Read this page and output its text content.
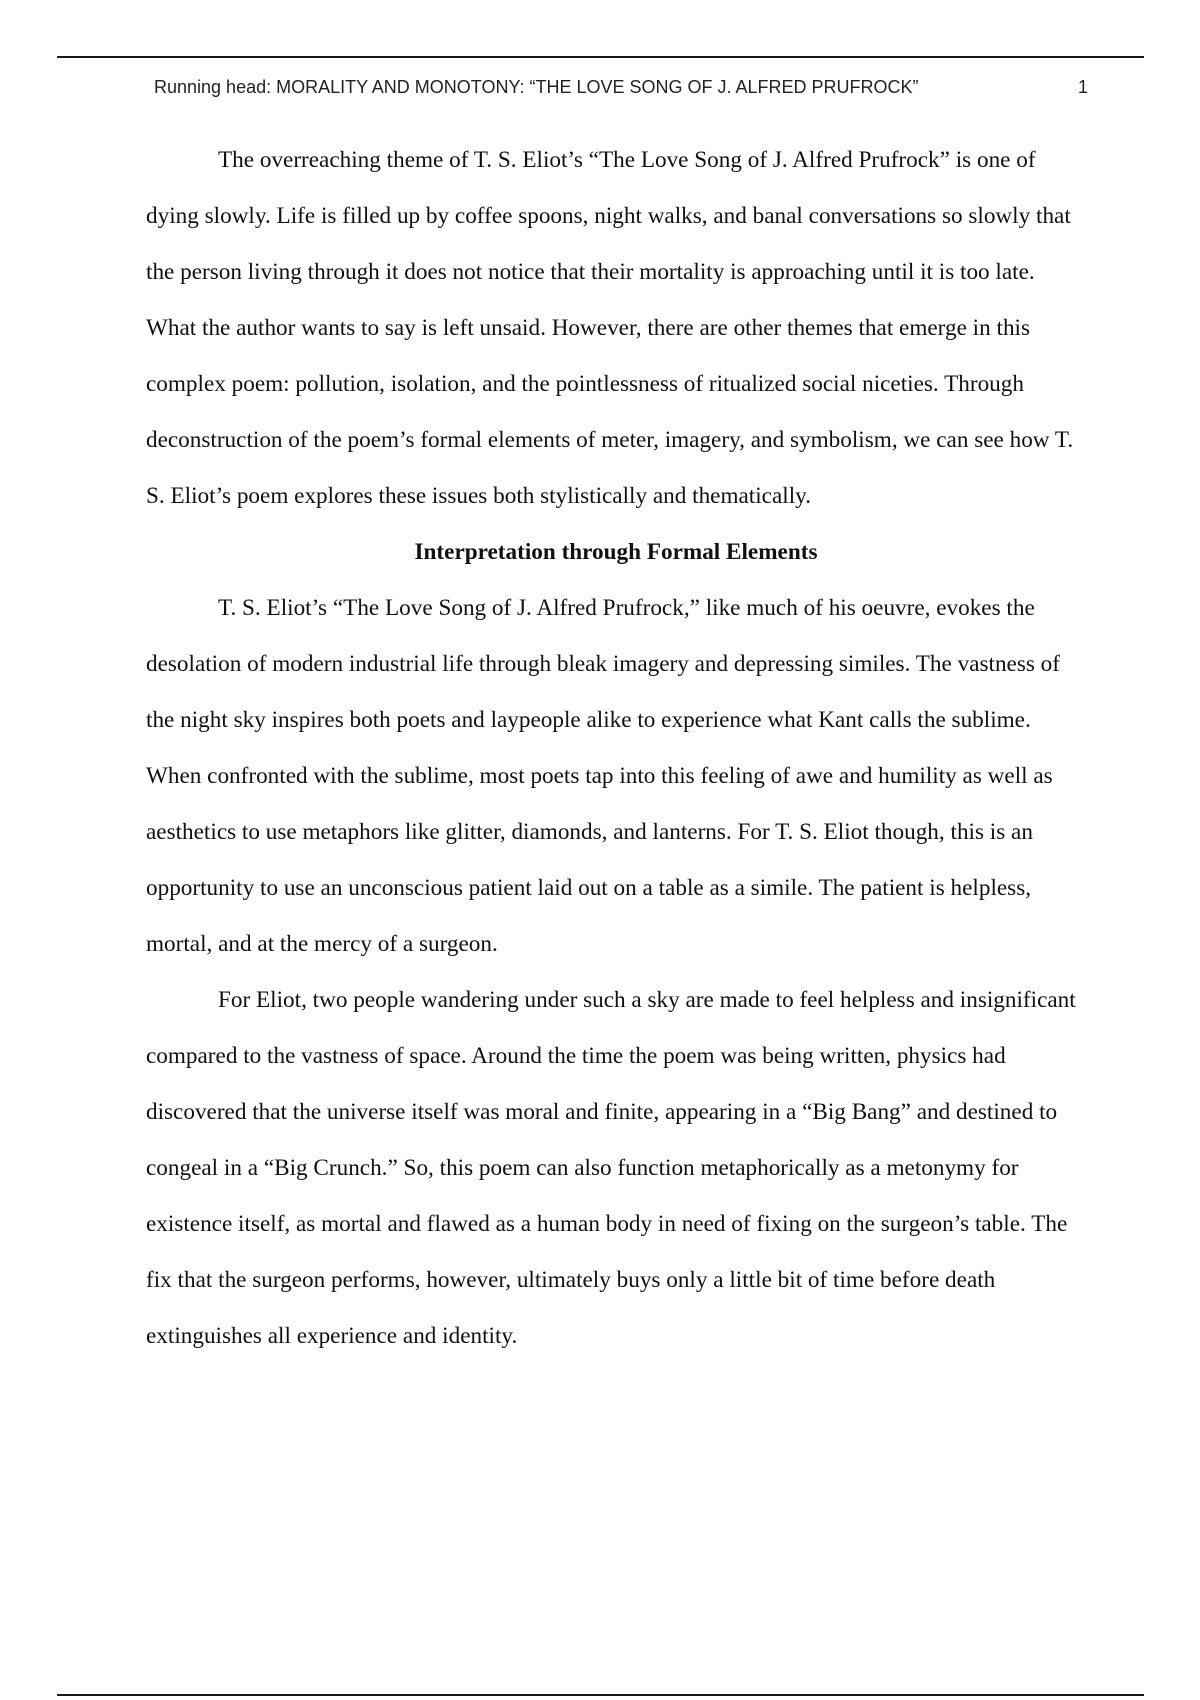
Running head: MORALITY AND MONOTONY: “THE LOVE SONG OF J. ALFRED PRUFROCK”	1

The overreaching theme of T. S. Eliot’s “The Love Song of J. Alfred Prufrock” is one of dying slowly. Life is filled up by coffee spoons, night walks, and banal conversations so slowly that the person living through it does not notice that their mortality is approaching until it is too late. What the author wants to say is left unsaid. However, there are other themes that emerge in this complex poem: pollution, isolation, and the pointlessness of ritualized social niceties. Through deconstruction of the poem’s formal elements of meter, imagery, and symbolism, we can see how T. S. Eliot’s poem explores these issues both stylistically and thematically.

Interpretation through Formal Elements

T. S. Eliot’s “The Love Song of J. Alfred Prufrock,” like much of his oeuvre, evokes the desolation of modern industrial life through bleak imagery and depressing similes. The vastness of the night sky inspires both poets and laypeople alike to experience what Kant calls the sublime. When confronted with the sublime, most poets tap into this feeling of awe and humility as well as aesthetics to use metaphors like glitter, diamonds, and lanterns. For T. S. Eliot though, this is an opportunity to use an unconscious patient laid out on a table as a simile. The patient is helpless, mortal, and at the mercy of a surgeon.

For Eliot, two people wandering under such a sky are made to feel helpless and insignificant compared to the vastness of space. Around the time the poem was being written, physics had discovered that the universe itself was moral and finite, appearing in a “Big Bang” and destined to congeal in a “Big Crunch.” So, this poem can also function metaphorically as a metonymy for existence itself, as mortal and flawed as a human body in need of fixing on the surgeon’s table. The fix that the surgeon performs, however, ultimately buys only a little bit of time before death extinguishes all experience and identity.
